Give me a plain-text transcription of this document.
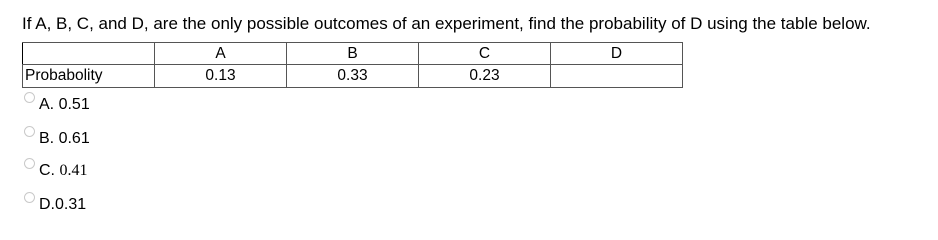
If A, B, C, and D, are the only possible outcomes of an experiment, find the probability of D using the table below.
	A	B	C	D
Probabolity	0.13	0.33	0.23	
A. 0.51
B. 0.61
C. 0.41
D.0.31
